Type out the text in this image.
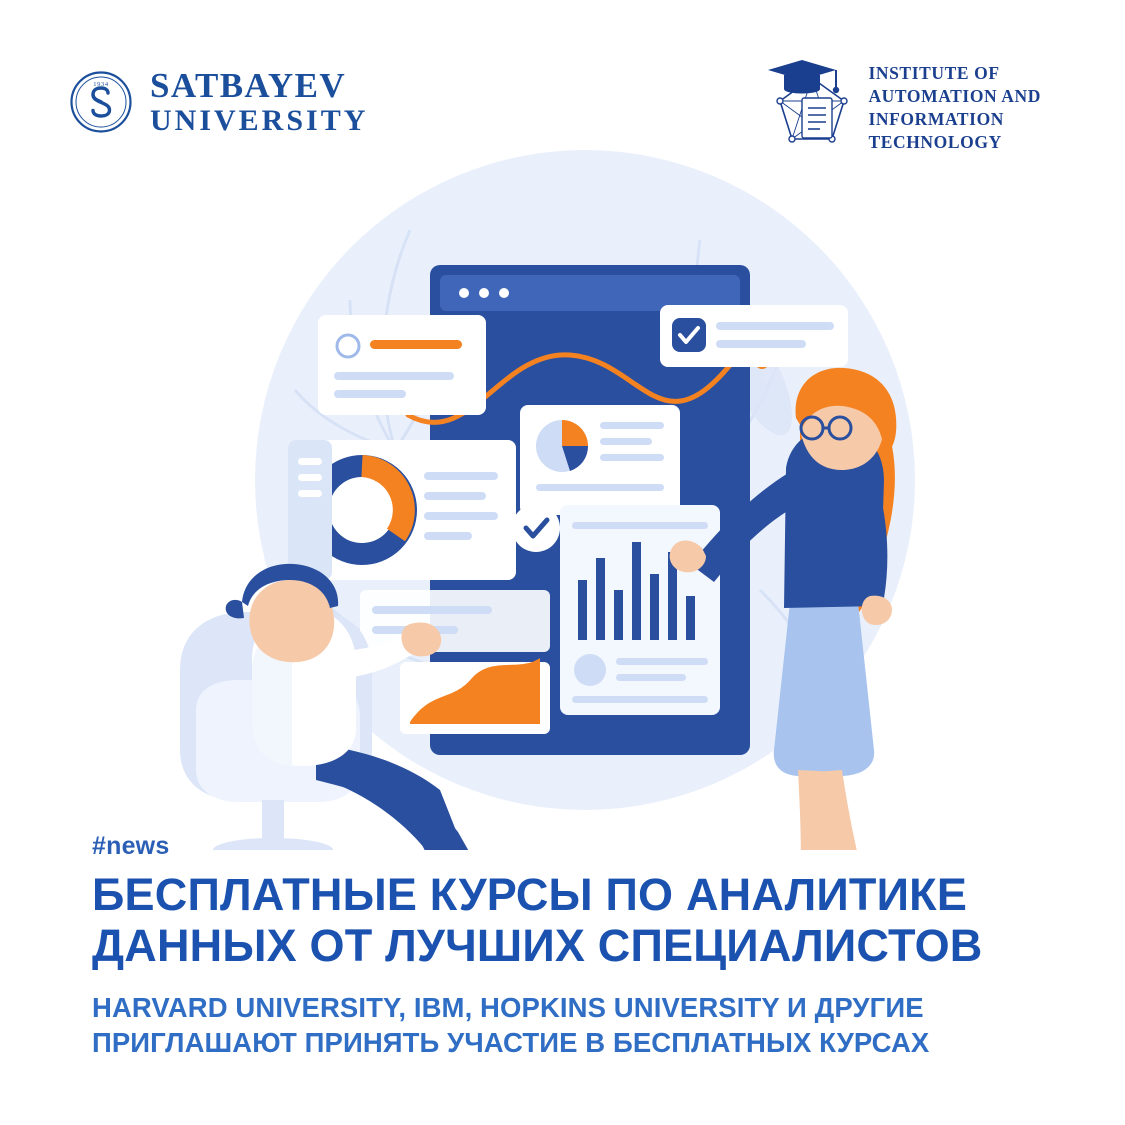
1934 SATBAYEV
UNIVERSITY
INSTITUTE OF
AUTOMATION AND
INFORMATION
TECHNOLOGY
#news
БЕСПЛАТНЫЕ КУРСЫ ПО АНАЛИТИКЕ
ДАННЫХ ОТ ЛУЧШИХ СПЕЦИАЛИСТОВ
HARVARD UNIVERSITY, IBM, HOPKINS UNIVERSITY И ДРУГИЕ
ПРИГЛАШАЮТ ПРИНЯТЬ УЧАСТИЕ В БЕСПЛАТНЫХ КУРСАХ
